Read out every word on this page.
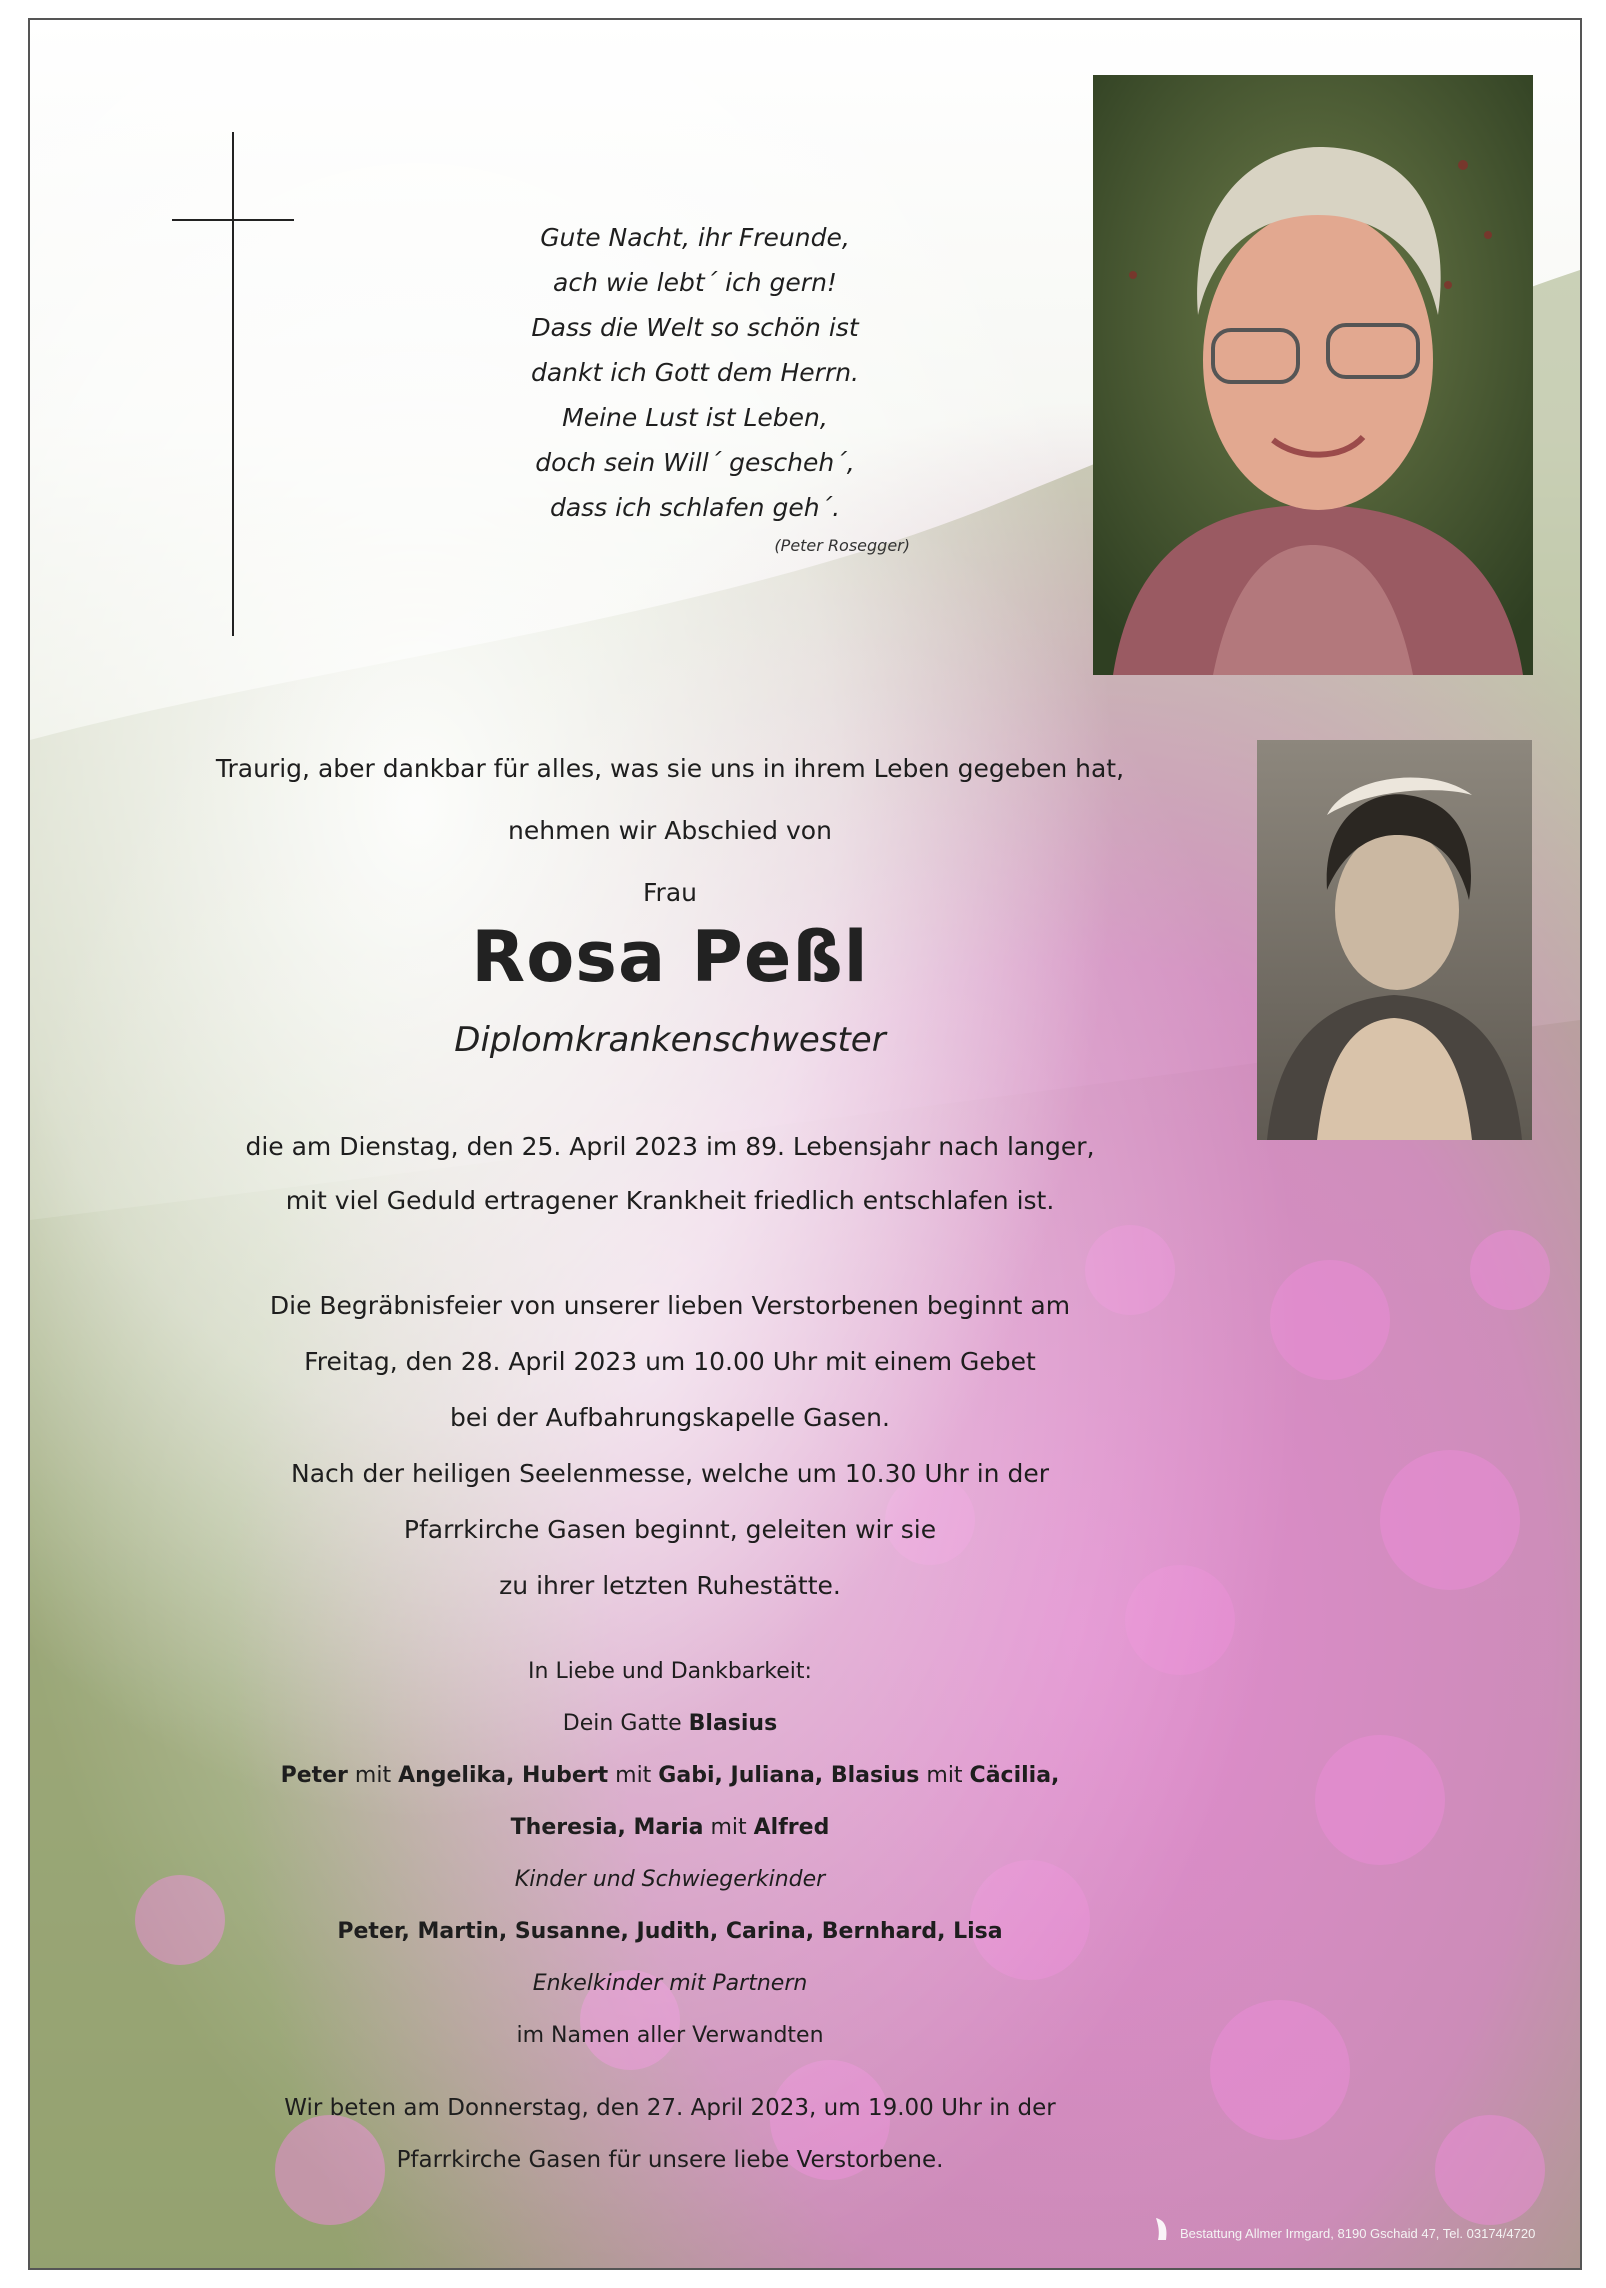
Gute Nacht, ihr Freunde,
ach wie lebt´ ich gern!
Dass die Welt so schön ist
dankt ich Gott dem Herrn.
Meine Lust ist Leben,
doch sein Will´ gescheh´,
dass ich schlafen geh´.
(Peter Rosegger)
Traurig, aber dankbar für alles, was sie uns in ihrem Leben gegeben hat,
nehmen wir Abschied von
Frau
Rosa Peßl
Diplomkrankenschwester
die am Dienstag, den 25. April 2023 im 89. Lebensjahr nach langer,
mit viel Geduld ertragener Krankheit friedlich entschlafen ist.
Die Begräbnisfeier von unserer lieben Verstorbenen beginnt am
Freitag, den 28. April 2023 um 10.00 Uhr mit einem Gebet
bei der Aufbahrungskapelle Gasen.
Nach der heiligen Seelenmesse, welche um 10.30 Uhr in der
Pfarrkirche Gasen beginnt, geleiten wir sie
zu ihrer letzten Ruhestätte.
In Liebe und Dankbarkeit:
Dein Gatte Blasius
Peter mit Angelika, Hubert mit Gabi, Juliana, Blasius mit Cäcilia,
Theresia, Maria mit Alfred
Kinder und Schwiegerkinder
Peter, Martin, Susanne, Judith, Carina, Bernhard, Lisa
Enkelkinder mit Partnern
im Namen aller Verwandten
Wir beten am Donnerstag, den 27. April 2023, um 19.00 Uhr in der
Pfarrkirche Gasen für unsere liebe Verstorbene.
Bestattung Allmer Irmgard, 8190 Gschaid 47, Tel. 03174/4720
